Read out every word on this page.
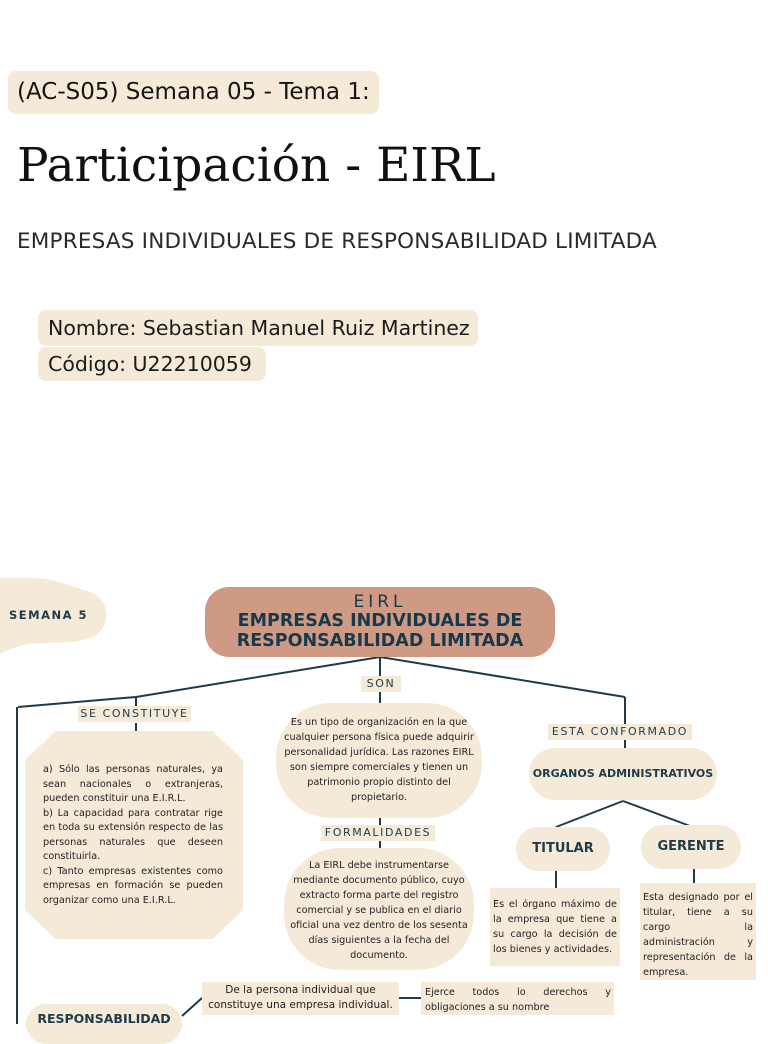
(AC-S05) Semana 05 - Tema 1:
Participación - EIRL
EMPRESAS INDIVIDUALES DE RESPONSABILIDAD LIMITADA
Nombre: Sebastian Manuel Ruiz Martinez
Código: U22210059
SEMANA 5
EIRL
EMPRESAS INDIVIDUALES DE
RESPONSABILIDAD LIMITADA
SON
SE CONSTITUYE
ESTA CONFORMADO
FORMALIDADES
Es un tipo de organización en la que cualquier persona física puede adquirir personalidad jurídica. Las razones EIRL son siempre comerciales y tienen un patrimonio propio distinto del propietario.
a) Sólo las personas naturales, ya sean nacionales o extranjeras, pueden constituir una E.I.R.L.
b) La capacidad para contratar rige en toda su extensión respecto de las personas naturales que deseen constituirla.
c) Tanto empresas existentes como empresas en formación se pueden organizar como una E.I.R.L.
La EIRL debe instrumentarse mediante documento público, cuyo extracto forma parte del registro comercial y se publica en el diario oficial una vez dentro de los sesenta días siguientes a la fecha del documento.
ORGANOS ADMINISTRATIVOS
TITULAR	GERENTE
Es el órgano máximo de la empresa que tiene a su cargo la decisión de los bienes y actividades.
Esta designado por el titular, tiene a su cargo la administración y representación de la empresa.
De la persona individual que constituye una empresa individual.
Ejerce todos lo derechos y obligaciones a su nombre
RESPONSABILIDAD
